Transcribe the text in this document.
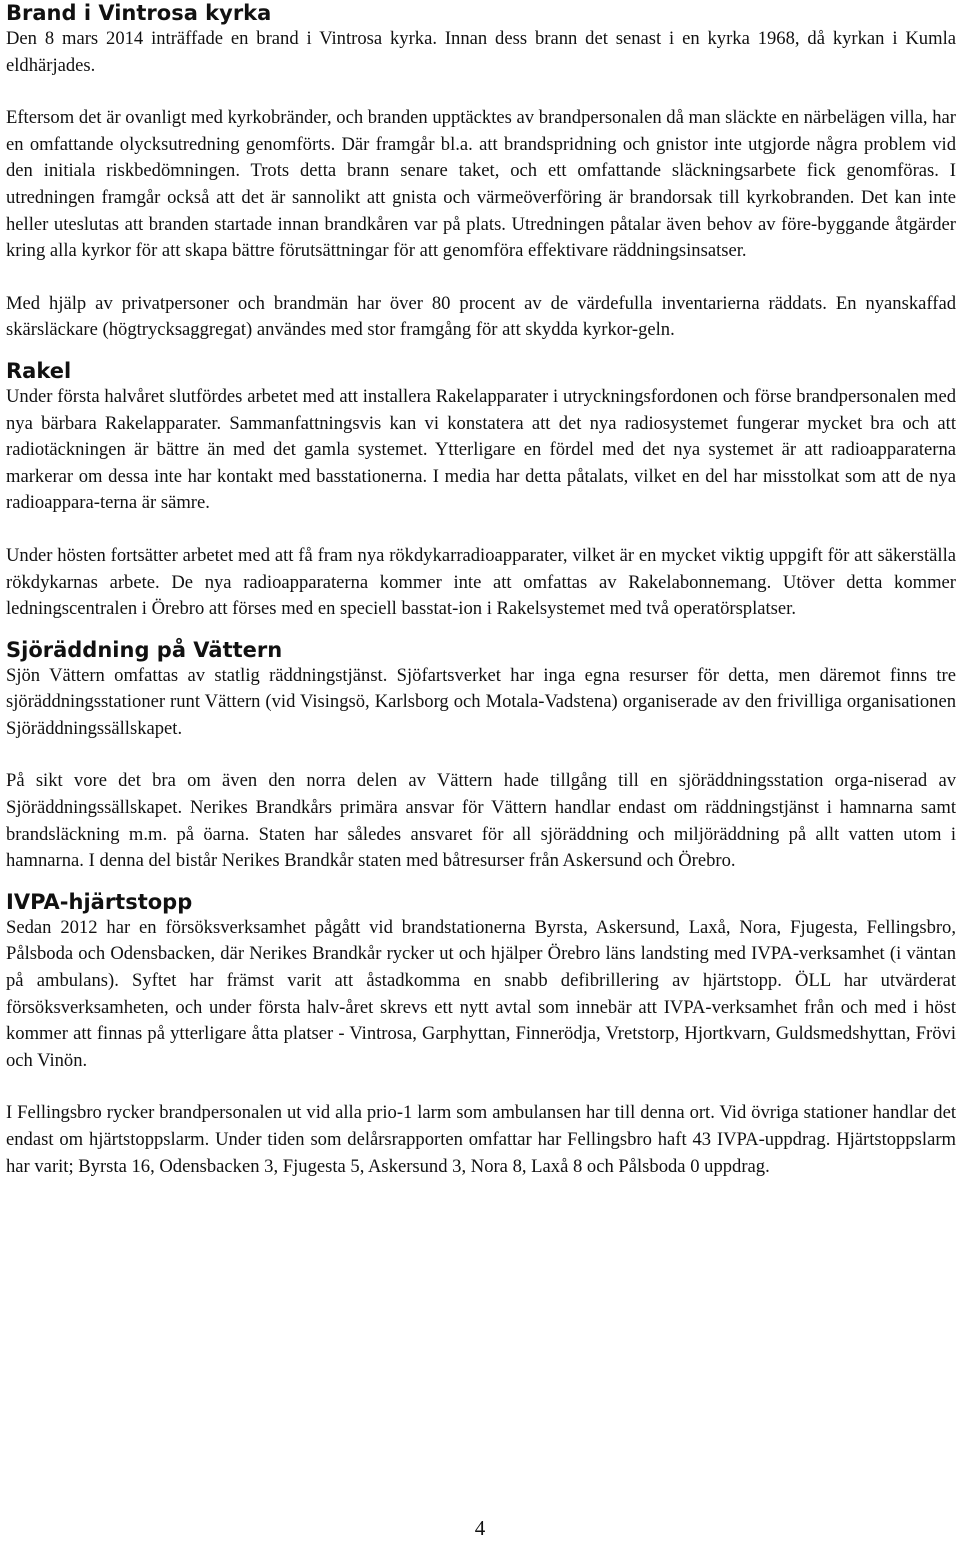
Brand i Vintrosa kyrka

Den 8 mars 2014 inträffade en brand i Vintrosa kyrka. Innan dess brann det senast i en kyrka 1968, då kyrkan i Kumla eldhärjades.

Eftersom det är ovanligt med kyrkobränder, och branden upptäcktes av brandpersonalen då man släckte en närbelägen villa, har en omfattande olycksutredning genomförts. Där framgår bl.a. att brandspridning och gnistor inte utgjorde några problem vid den initiala riskbedömningen. Trots detta brann senare taket, och ett omfattande släckningsarbete fick genomföras. I utredningen framgår också att det är sannolikt att gnista och värmeöverföring är brandorsak till kyrkobranden. Det kan inte heller uteslutas att branden startade innan brandkåren var på plats. Utredningen påtalar även behov av före-byggande åtgärder kring alla kyrkor för att skapa bättre förutsättningar för att genomföra effektivare räddningsinsatser.

Med hjälp av privatpersoner och brandmän har över 80 procent av de värdefulla inventarierna räddats. En nyanskaffad skärsläckare (högtrycksaggregat) användes med stor framgång för att skydda kyrkor-geln.

Rakel

Under första halvåret slutfördes arbetet med att installera Rakelapparater i utryckningsfordonen och förse brandpersonalen med nya bärbara Rakelapparater. Sammanfattningsvis kan vi konstatera att det nya radiosystemet fungerar mycket bra och att radiotäckningen är bättre än med det gamla systemet. Ytterligare en fördel med det nya systemet är att radioapparaterna markerar om dessa inte har kontakt med basstationerna. I media har detta påtalats, vilket en del har misstolkat som att de nya radioappara-terna är sämre.

Under hösten fortsätter arbetet med att få fram nya rökdykarradioapparater, vilket är en mycket viktig uppgift för att säkerställa rökdykarnas arbete. De nya radioapparaterna kommer inte att omfattas av Rakelabonnemang. Utöver detta kommer ledningscentralen i Örebro att förses med en speciell basstat-ion i Rakelsystemet med två operatörsplatser.

Sjöräddning på Vättern

Sjön Vättern omfattas av statlig räddningstjänst. Sjöfartsverket har inga egna resurser för detta, men däremot finns tre sjöräddningsstationer runt Vättern (vid Visingsö, Karlsborg och Motala-Vadstena) organiserade av den frivilliga organisationen Sjöräddningssällskapet.

På sikt vore det bra om även den norra delen av Vättern hade tillgång till en sjöräddningsstation orga-niserad av Sjöräddningssällskapet. Nerikes Brandkårs primära ansvar för Vättern handlar endast om räddningstjänst i hamnarna samt brandsläckning m.m. på öarna. Staten har således ansvaret för all sjöräddning och miljöräddning på allt vatten utom i hamnarna. I denna del bistår Nerikes Brandkår staten med båtresurser från Askersund och Örebro.

IVPA-hjärtstopp

Sedan 2012 har en försöksverksamhet pågått vid brandstationerna Byrsta, Askersund, Laxå, Nora, Fjugesta, Fellingsbro, Pålsboda och Odensbacken, där Nerikes Brandkår rycker ut och hjälper Örebro läns landsting med IVPA-verksamhet (i väntan på ambulans). Syftet har främst varit att åstadkomma en snabb defibrillering av hjärtstopp. ÖLL har utvärderat försöksverksamheten, och under första halv-året skrevs ett nytt avtal som innebär att IVPA-verksamhet från och med i höst kommer att finnas på ytterligare åtta platser - Vintrosa, Garphyttan, Finnerödja, Vretstorp, Hjortkvarn, Guldsmedshyttan, Frövi och Vinön.

I Fellingsbro rycker brandpersonalen ut vid alla prio-1 larm som ambulansen har till denna ort. Vid övriga stationer handlar det endast om hjärtstoppslarm. Under tiden som delårsrapporten omfattar har Fellingsbro haft 43 IVPA-uppdrag. Hjärtstoppslarm har varit; Byrsta 16, Odensbacken 3, Fjugesta 5, Askersund 3, Nora 8, Laxå 8 och Pålsboda 0 uppdrag.

4
